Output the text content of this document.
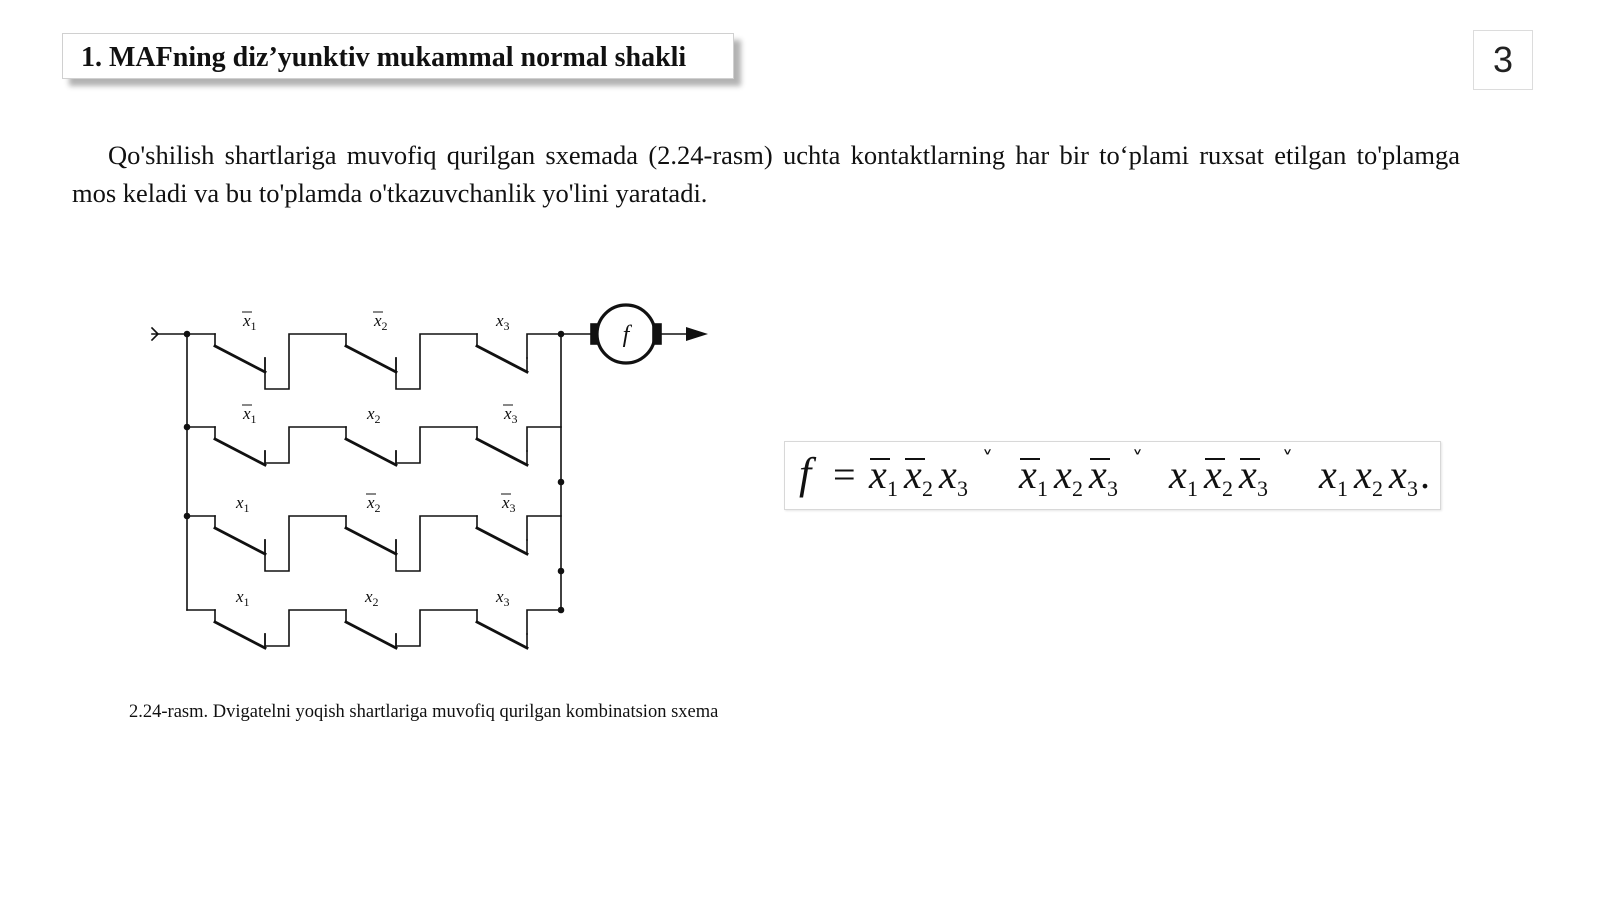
1. MAFning diz’yunktiv mukammal normal shakli	3
Qo'shilish shartlariga muvofiq qurilgan sxemada (2.24-rasm) uchta kontaktlarning har bir to‘plami ruxsat etilgan to'plamga mos keladi va bu to'plamda o'tkazuvchanlik yo'lini yaratadi.
f
$x_1$	$x_2$	$x_3$
$x_1$	$x_2$	$x_3$
$x_1$	$x_2$	$x_3$
$x_1$	$x_2$	$x_3$
2.24-rasm. Dvigatelni yoqish shartlariga muvofiq qurilgan kombinatsion sxema
f = x 1 x 2 x 3
˅ x 1 x 2 x 3
˅ x 1 x 2 x 3
˅ x 1 x 2 x 3 .
